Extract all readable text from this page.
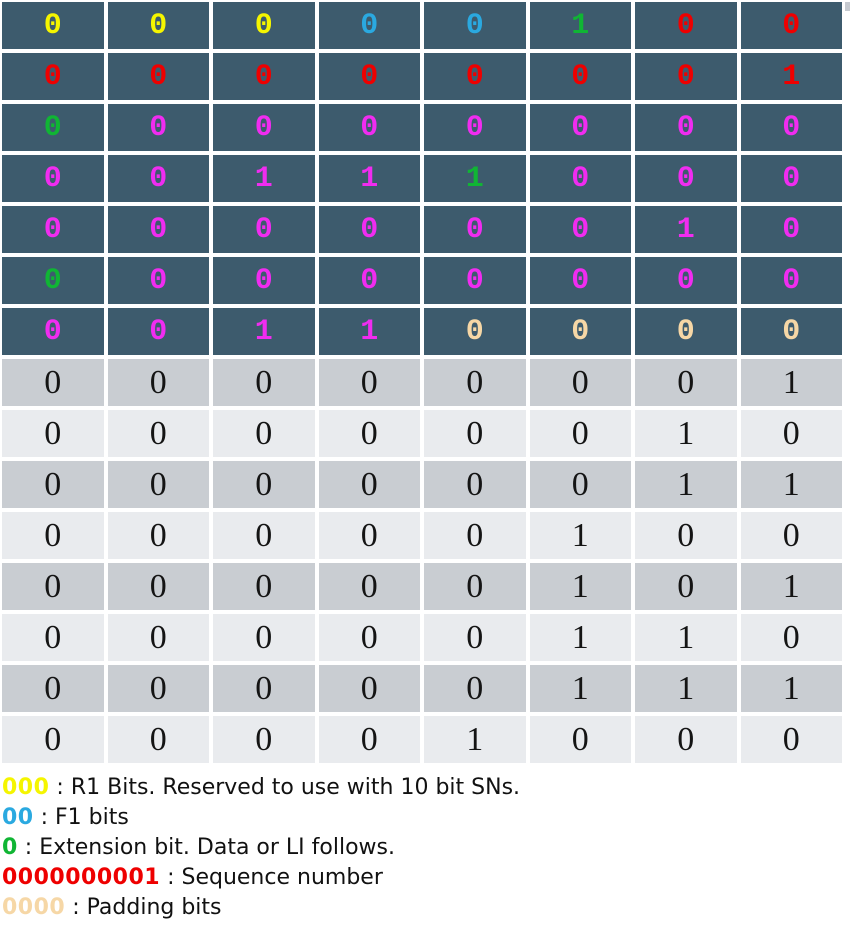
0	0	0	0	0	1	0	0
0	0	0	0	0	0	0	1
0	0	0	0	0	0	0	0
0	0	1	1	1	0	0	0
0	0	0	0	0	0	1	0
0	0	0	0	0	0	0	0
0	0	1	1	0	0	0	0
0	0	0	0	0	0	0	1
0	0	0	0	0	0	1	0
0	0	0	0	0	0	1	1
0	0	0	0	0	1	0	0
0	0	0	0	0	1	0	1
0	0	0	0	0	1	1	0
0	0	0	0	0	1	1	1
0	0	0	0	1	0	0	0
000 : R1 Bits. Reserved to use with 10 bit SNs.
00 : F1 bits
0 : Extension bit. Data or LI follows.
0000000001 : Sequence number
0000 : Padding bits
